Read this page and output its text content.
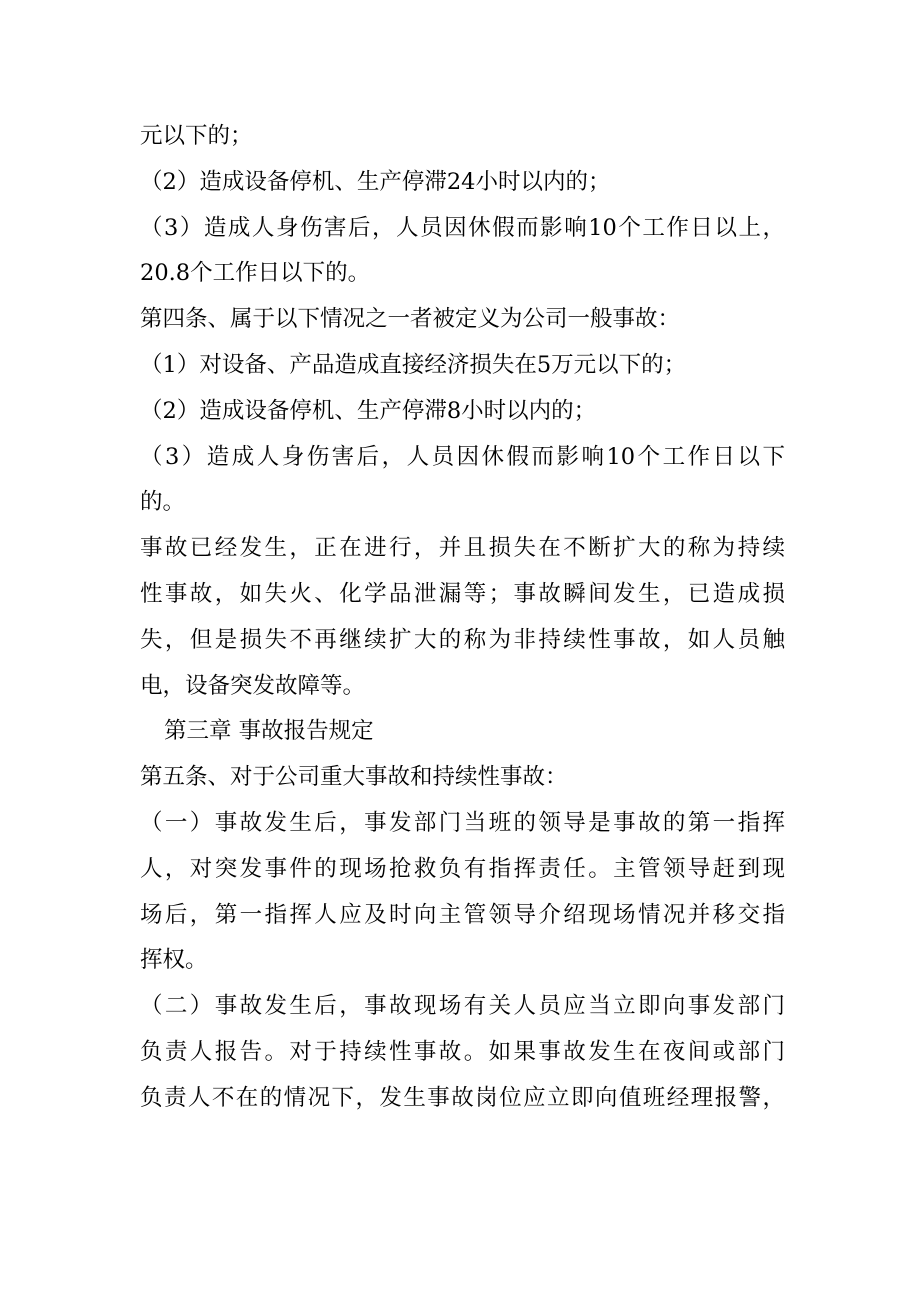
元以下的；
（2）造成设备停机、生产停滞24小时以内的；
（3）造成人身伤害后，人员因休假而影响10个工作日以上，
20.8个工作日以下的。
第四条、属于以下情况之一者被定义为公司一般事故：
（1）对设备、产品造成直接经济损失在5万元以下的；
（2）造成设备停机、生产停滞8小时以内的；
（3）造成人身伤害后，人员因休假而影响10个工作日以下
的。
事故已经发生，正在进行，并且损失在不断扩大的称为持续
性事故，如失火、化学品泄漏等；事故瞬间发生，已造成损
失，但是损失不再继续扩大的称为非持续性事故，如人员触
电，设备突发故障等。
第三章 事故报告规定
第五条、对于公司重大事故和持续性事故：
（一）事故发生后，事发部门当班的领导是事故的第一指挥
人，对突发事件的现场抢救负有指挥责任。主管领导赶到现
场后，第一指挥人应及时向主管领导介绍现场情况并移交指
挥权。
（二）事故发生后，事故现场有关人员应当立即向事发部门
负责人报告。对于持续性事故。如果事故发生在夜间或部门
负责人不在的情况下，发生事故岗位应立即向值班经理报警，
